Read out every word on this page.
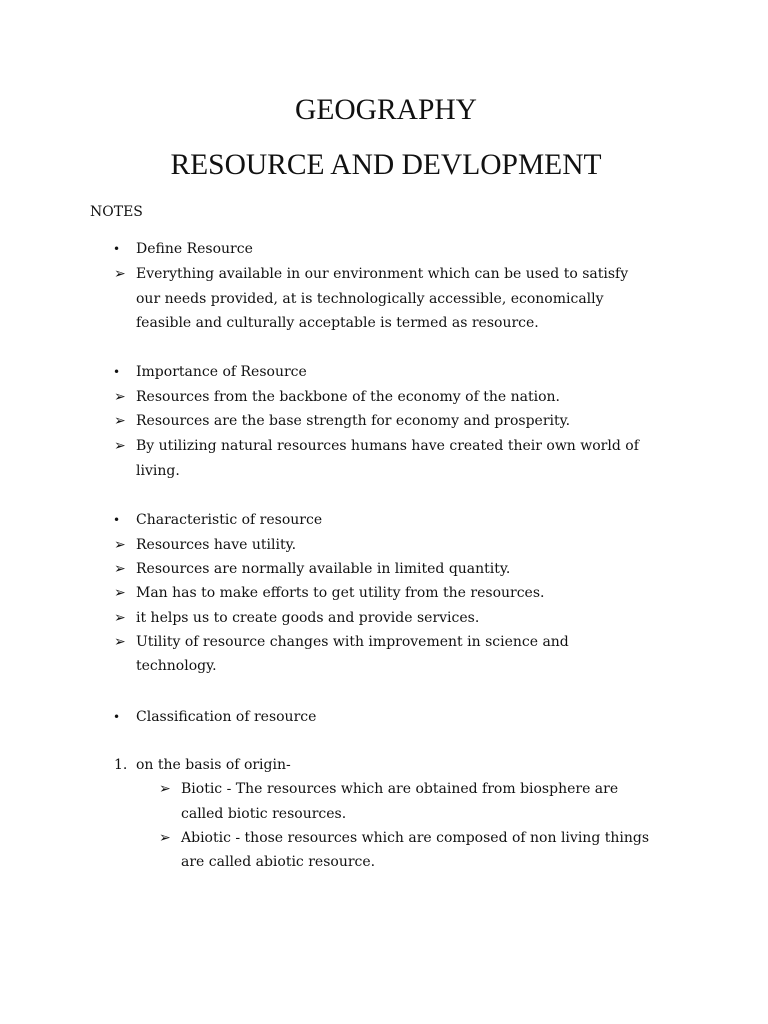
GEOGRAPHY
RESOURCE AND DEVLOPMENT
NOTES
• Define Resource
➢ Everything available in our environment which can be used to satisfy
our needs provided, at is technologically accessible, economically
feasible and culturally acceptable is termed as resource.
• Importance of Resource
➢ Resources from the backbone of the economy of the nation.
➢ Resources are the base strength for economy and prosperity.
➢ By utilizing natural resources humans have created their own world of
living.
• Characteristic of resource
➢ Resources have utility.
➢ Resources are normally available in limited quantity.
➢ Man has to make efforts to get utility from the resources.
➢ it helps us to create goods and provide services.
➢ Utility of resource changes with improvement in science and
technology.
• Classification of resource
1. on the basis of origin-
➢ Biotic - The resources which are obtained from biosphere are
called biotic resources.
➢ Abiotic - those resources which are composed of non living things
are called abiotic resource.
